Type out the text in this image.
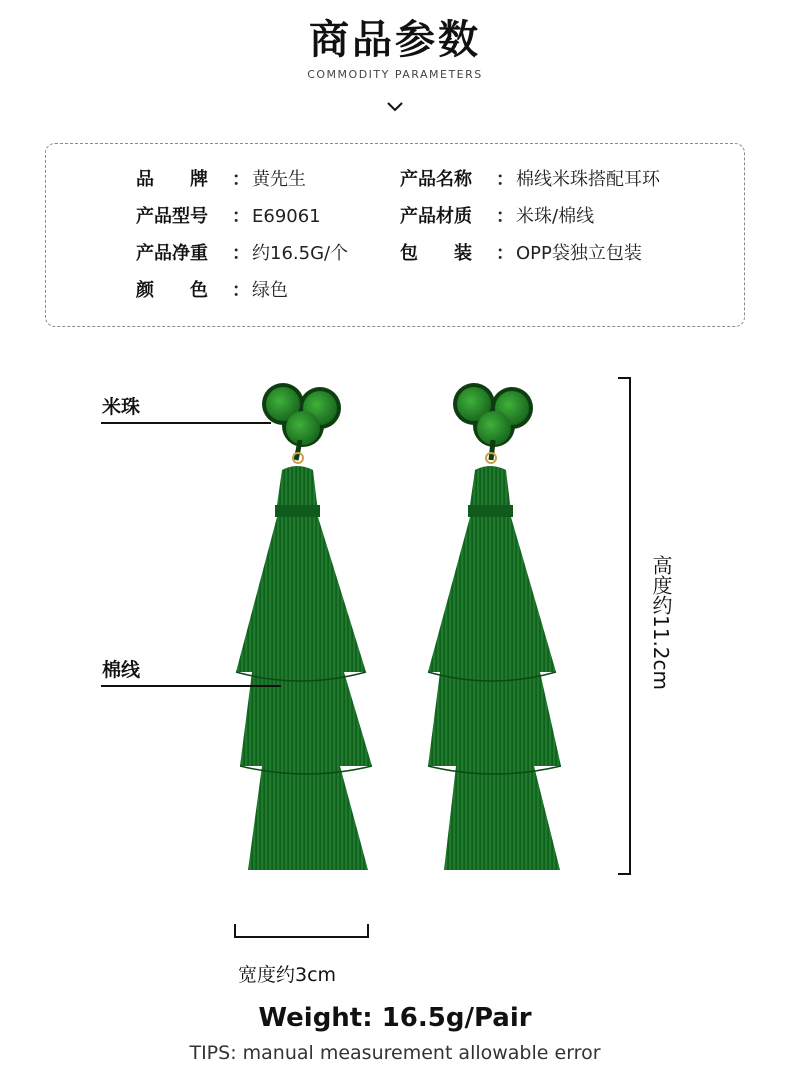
商品参数
COMMODITY PARAMETERS
品　　牌 ： 黄先生	产品名称 ： 棉线米珠搭配耳环
产品型号 ： E69061	产品材质 ： 米珠/棉线
产品净重 ： 约16.5G/个	包　　装 ： OPP袋独立包装
颜　　色 ： 绿色
米珠
棉线
高度约11.2cm
宽度约3cm
Weight: 16.5g/Pair
TIPS: manual measurement allowable error
